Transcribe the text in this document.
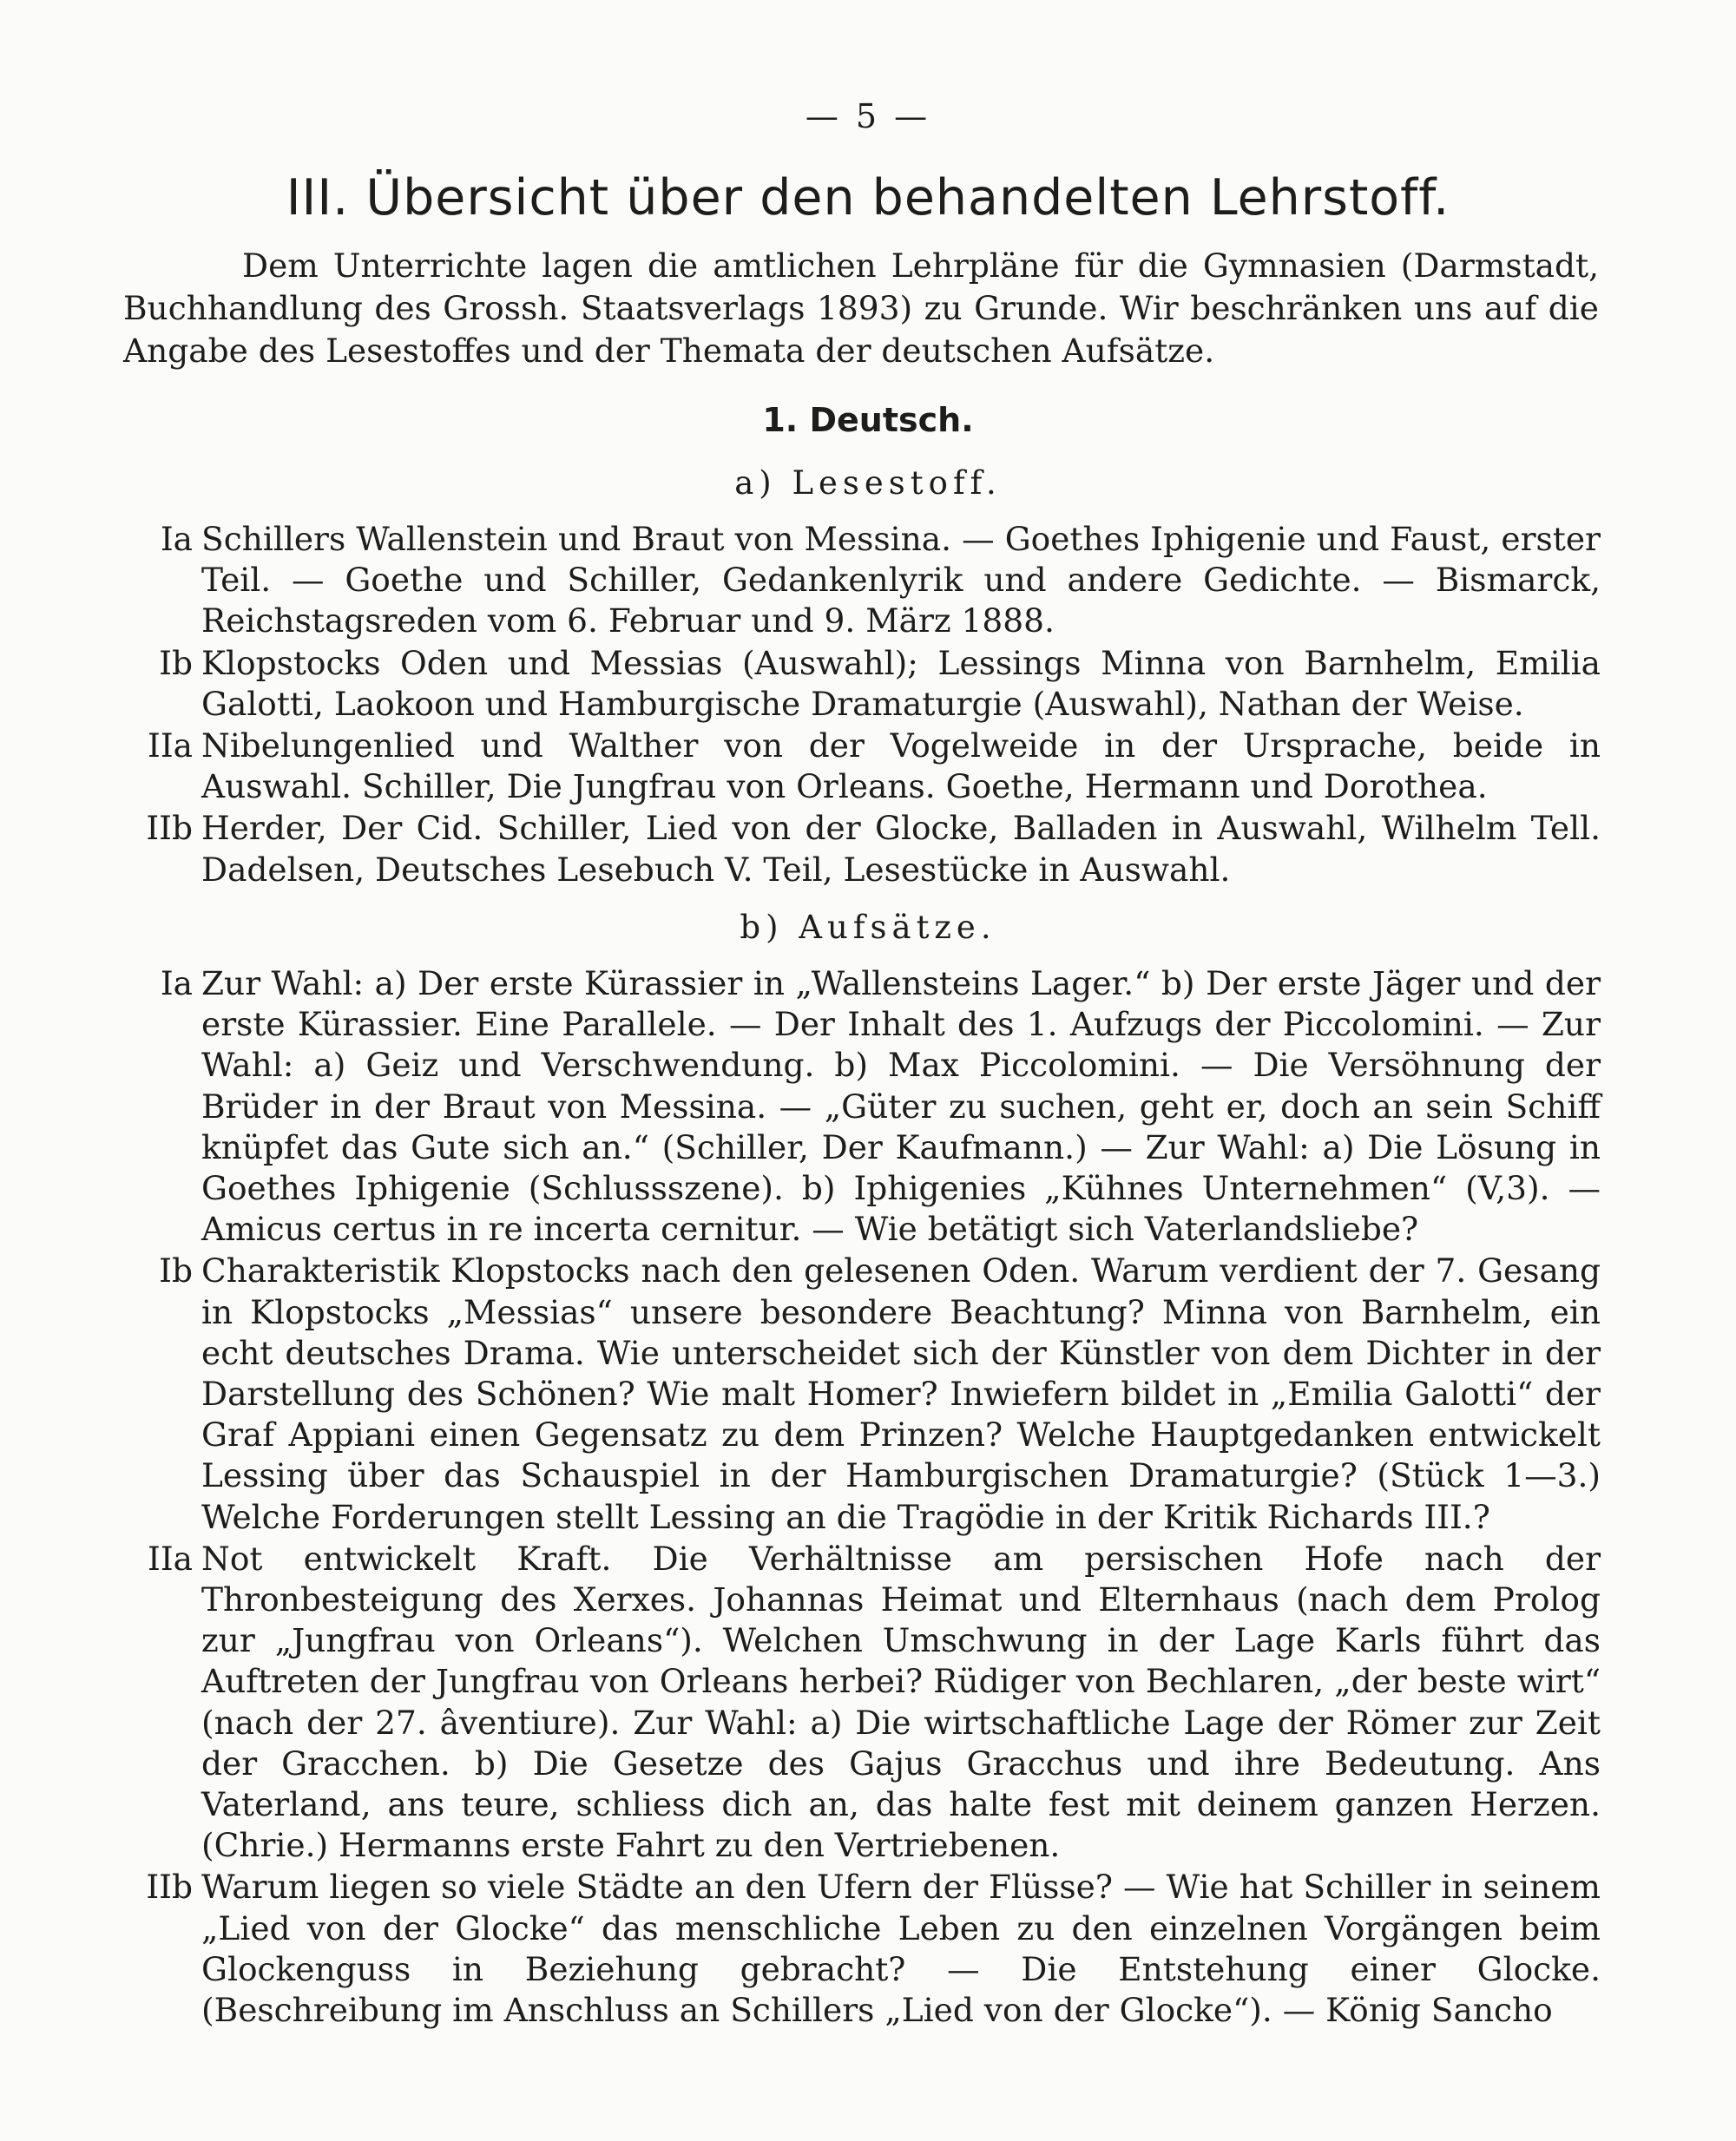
— 5 —
III. Übersicht über den behandelten Lehrstoff.

Dem Unterrichte lagen die amtlichen Lehrpläne für die Gymnasien (Darmstadt, Buchhandlung des Grossh. Staatsverlags 1893) zu Grunde. Wir beschränken uns auf die Angabe des Lesestoffes und der Themata der deutschen Aufsätze.

1. Deutsch.

a) Lesestoff.

Ia Schillers Wallenstein und Braut von Messina. — Goethes Iphigenie und Faust, erster Teil. — Goethe und Schiller, Gedankenlyrik und andere Gedichte. — Bismarck, Reichstagsreden vom 6. Februar und 9. März 1888.
Ib Klopstocks Oden und Messias (Auswahl); Lessings Minna von Barnhelm, Emilia Galotti, Laokoon und Hamburgische Dramaturgie (Auswahl), Nathan der Weise.
IIa Nibelungenlied und Walther von der Vogelweide in der Ursprache, beide in Auswahl. Schiller, Die Jungfrau von Orleans. Goethe, Hermann und Dorothea.
IIb Herder, Der Cid. Schiller, Lied von der Glocke, Balladen in Auswahl, Wilhelm Tell. Dadelsen, Deutsches Lesebuch V. Teil, Lesestücke in Auswahl.

b) Aufsätze.

Ia Zur Wahl: a) Der erste Kürassier in „Wallensteins Lager.“ b) Der erste Jäger und der erste Kürassier. Eine Parallele. — Der Inhalt des 1. Aufzugs der Piccolomini. — Zur Wahl: a) Geiz und Verschwendung. b) Max Piccolomini. — Die Versöhnung der Brüder in der Braut von Messina. — „Güter zu suchen, geht er, doch an sein Schiff knüpfet das Gute sich an.“ (Schiller, Der Kaufmann.) — Zur Wahl: a) Die Lösung in Goethes Iphigenie (Schlussszene). b) Iphigenies „Kühnes Unternehmen“ (V,3). — Amicus certus in re incerta cernitur. — Wie betätigt sich Vaterlandsliebe?
Ib Charakteristik Klopstocks nach den gelesenen Oden. Warum verdient der 7. Gesang in Klopstocks „Messias“ unsere besondere Beachtung? Minna von Barnhelm, ein echt deutsches Drama. Wie unterscheidet sich der Künstler von dem Dichter in der Darstellung des Schönen? Wie malt Homer? Inwiefern bildet in „Emilia Galotti“ der Graf Appiani einen Gegensatz zu dem Prinzen? Welche Hauptgedanken entwickelt Lessing über das Schauspiel in der Hamburgischen Dramaturgie? (Stück 1—3.) Welche Forderungen stellt Lessing an die Tragödie in der Kritik Richards III.?
IIa Not entwickelt Kraft. Die Verhältnisse am persischen Hofe nach der Thronbesteigung des Xerxes. Johannas Heimat und Elternhaus (nach dem Prolog zur „Jungfrau von Orleans“). Welchen Umschwung in der Lage Karls führt das Auftreten der Jungfrau von Orleans herbei? Rüdiger von Bechlaren, „der beste wirt“ (nach der 27. âventiure). Zur Wahl: a) Die wirtschaftliche Lage der Römer zur Zeit der Gracchen. b) Die Gesetze des Gajus Gracchus und ihre Bedeutung. Ans Vaterland, ans teure, schliess dich an, das halte fest mit deinem ganzen Herzen. (Chrie.) Hermanns erste Fahrt zu den Vertriebenen.
IIb Warum liegen so viele Städte an den Ufern der Flüsse? — Wie hat Schiller in seinem „Lied von der Glocke“ das menschliche Leben zu den einzelnen Vorgängen beim Glockenguss in Beziehung gebracht? — Die Entstehung einer Glocke. (Beschreibung im Anschluss an Schillers „Lied von der Glocke“). — König Sancho
